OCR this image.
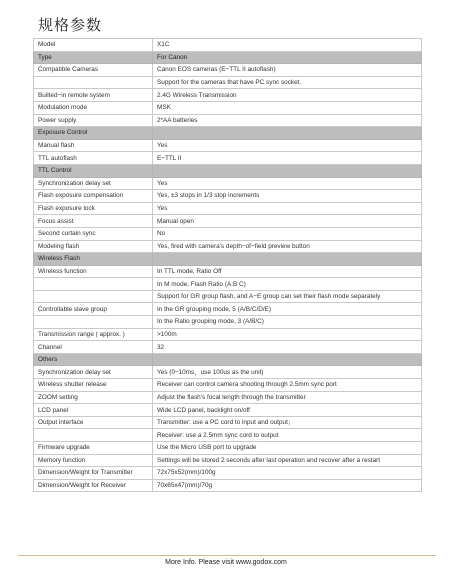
规格参数
Model	X1C
Type	For Canon
Compatible Cameras	Canon EOS cameras (E−TTL II autoflash)
	Support for the cameras that have PC sync socket.
Builted−in remote system	2.4G Wireless Transmission
Modulation mode	MSK
Power supply	2*AA batteries
Exposure Control	
Manual flash	Yes
TTL autoflash	E−TTL II
TTL Control	
Synchronization delay set	Yes
Flash exposure compensation	Yes, ±3 stops in 1/3 stop increments
Flash exposure lock	Yes
Focus assist	Manual open
Second curtain sync	No
Modeling flash	Yes, fired with camera’s depth−of−field preview button
Wireless Flash	
Wireless function	In TTL mode, Ratio Off
	In M mode, Flash Ratio (A:B C)
	Support for GR group flash, and A−E group can set their flash mode separately
Controllable slave group	In the GR grouping mode, 5 (A/B/C/D/E)
	In the Ratio grouping mode, 3 (A/B/C)
Transmission range ( approx. )	>100m
Channel	32
Others	
Synchronization delay set	Yes (0−10ms，use 100us as the unit)
Wireless shutter release	Receiver can control camera shooting through 2.5mm sync port
ZOOM setting	Adjust the flash’s focal length through the transmitter
LCD panel	Wide LCD panel, backlight on/off
Output interface	Transmitter: use a PC cord to input and output；
	Receiver: use a 2.5mm sync cord to output
Firmware upgrade	Use the Micro USB port to upgrade
Memory function	Settings will be stored 2 seconds after last operation and recover after a restart
Dimension/Weight for Transmitter	72x75x52(mm)/100g
Dimension/Weight for Receiver	70x65x47(mm)/70g
More Info. Please visit www.godox.com
